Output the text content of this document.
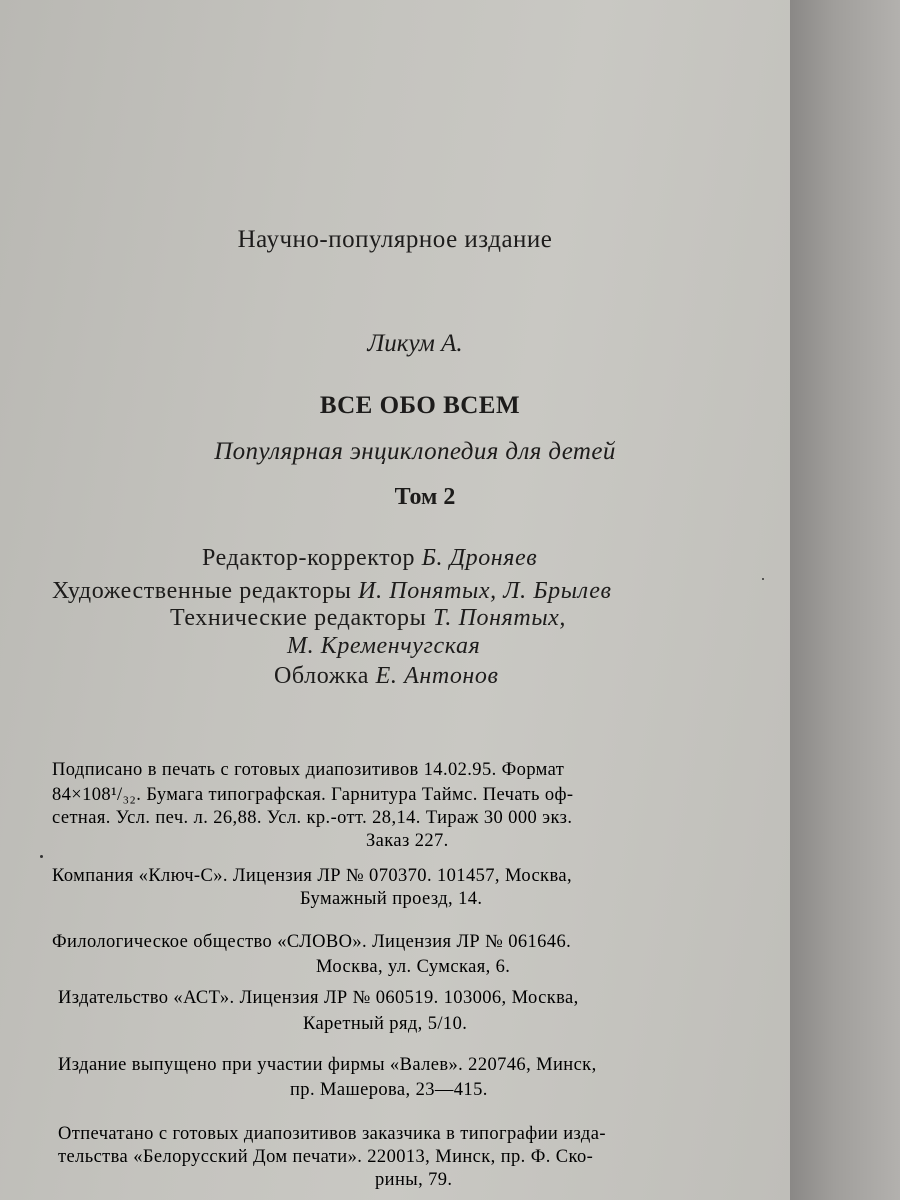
Научно-популярное издание
Ликум А.
ВСЕ ОБО ВСЕМ
Популярная энциклопедия для детей
Том 2
Редактор-корректор Б. Дроняев
Художественные редакторы И. Понятых, Л. Брылев
Технические редакторы Т. Понятых,
М. Кременчугская
Обложка Е. Антонов
Подписано в печать с готовых диапозитивов 14.02.95. Формат
84×108¹/₃₂. Бумага типографская. Гарнитура Таймс. Печать оф-
сетная. Усл. печ. л. 26,88. Усл. кр.-отт. 28,14. Тираж 30 000 экз.
Заказ 227.
Компания «Ключ-С». Лицензия ЛР № 070370. 101457, Москва,
Бумажный проезд, 14.
Филологическое общество «СЛОВО». Лицензия ЛР № 061646.
Москва, ул. Сумская, 6.
Издательство «АСТ». Лицензия ЛР № 060519. 103006, Москва,
Каретный ряд, 5/10.
Издание выпущено при участии фирмы «Валев». 220746, Минск,
пр. Машерова, 23—415.
Отпечатано с готовых диапозитивов заказчика в типографии изда-
тельства «Белорусский Дом печати». 220013, Минск, пр. Ф. Ско-
рины, 79.
